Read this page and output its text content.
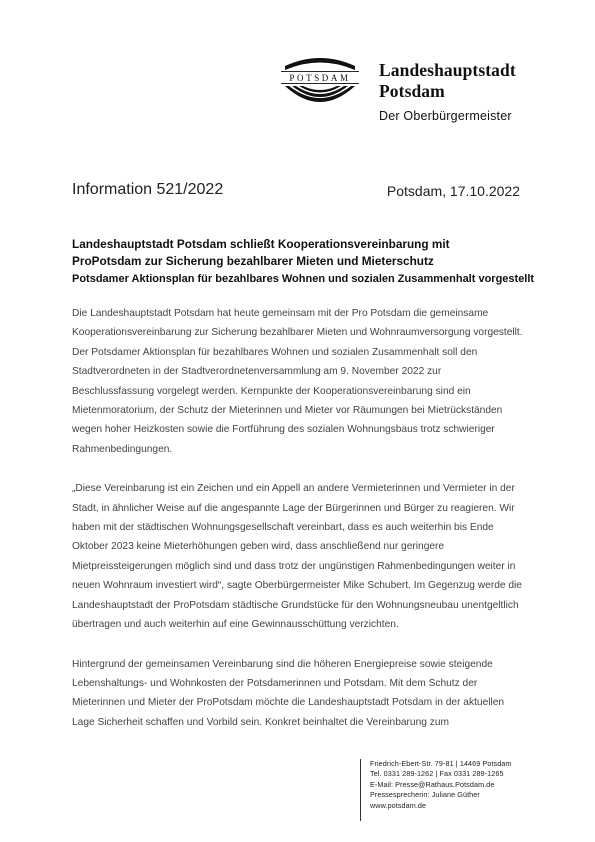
POTSDAM Landeshauptstadt
Potsdam
Der Oberbürgermeister
Information 521/2022	Potsdam, 17.10.2022
Landeshauptstadt Potsdam schließt Kooperationsvereinbarung mit
ProPotsdam zur Sicherung bezahlbarer Mieten und Mieterschutz
Potsdamer Aktionsplan für bezahlbares Wohnen und sozialen Zusammenhalt vorgestellt

Die Landeshauptstadt Potsdam hat heute gemeinsam mit der Pro Potsdam die gemeinsame Kooperationsvereinbarung zur Sicherung bezahlbarer Mieten und Wohnraumversorgung vorgestellt. Der Potsdamer Aktionsplan für bezahlbares Wohnen und sozialen Zusammenhalt soll den Stadtverordneten in der Stadtverordnetenversammlung am 9. November 2022 zur Beschlussfassung vorgelegt werden. Kernpunkte der Kooperationsvereinbarung sind ein Mietenmoratorium, der Schutz der Mieterinnen und Mieter vor Räumungen bei Mietrückständen wegen hoher Heizkosten sowie die Fortführung des sozialen Wohnungsbaus trotz schwieriger Rahmenbedingungen.

„Diese Vereinbarung ist ein Zeichen und ein Appell an andere Vermieterinnen und Vermieter in der Stadt, in ähnlicher Weise auf die angespannte Lage der Bürgerinnen und Bürger zu reagieren. Wir haben mit der städtischen Wohnungsgesellschaft vereinbart, dass es auch weiterhin bis Ende Oktober 2023 keine Mieterhöhungen geben wird, dass anschließend nur geringere Mietpreissteigerungen möglich sind und dass trotz der ungünstigen Rahmenbedingungen weiter in neuen Wohnraum investiert wird“, sagte Oberbürgermeister Mike Schubert. Im Gegenzug werde die Landeshauptstadt der ProPotsdam städtische Grundstücke für den Wohnungsneubau unentgeltlich übertragen und auch weiterhin auf eine Gewinnausschüttung verzichten.

Hintergrund der gemeinsamen Vereinbarung sind die höheren Energiepreise sowie steigende Lebenshaltungs- und Wohnkosten der Potsdamerinnen und Potsdam. Mit dem Schutz der Mieterinnen und Mieter der ProPotsdam möchte die Landeshauptstadt Potsdam in der aktuellen Lage Sicherheit schaffen und Vorbild sein. Konkret beinhaltet die Vereinbarung zum

Friedrich-Ebert-Str. 79-81 | 14469 Potsdam
Tel. 0331 289-1262 | Fax 0331 289-1265
E-Mail: Presse@Rathaus.Potsdam.de
Pressesprecherin: Juliane Güther
www.potsdam.de
